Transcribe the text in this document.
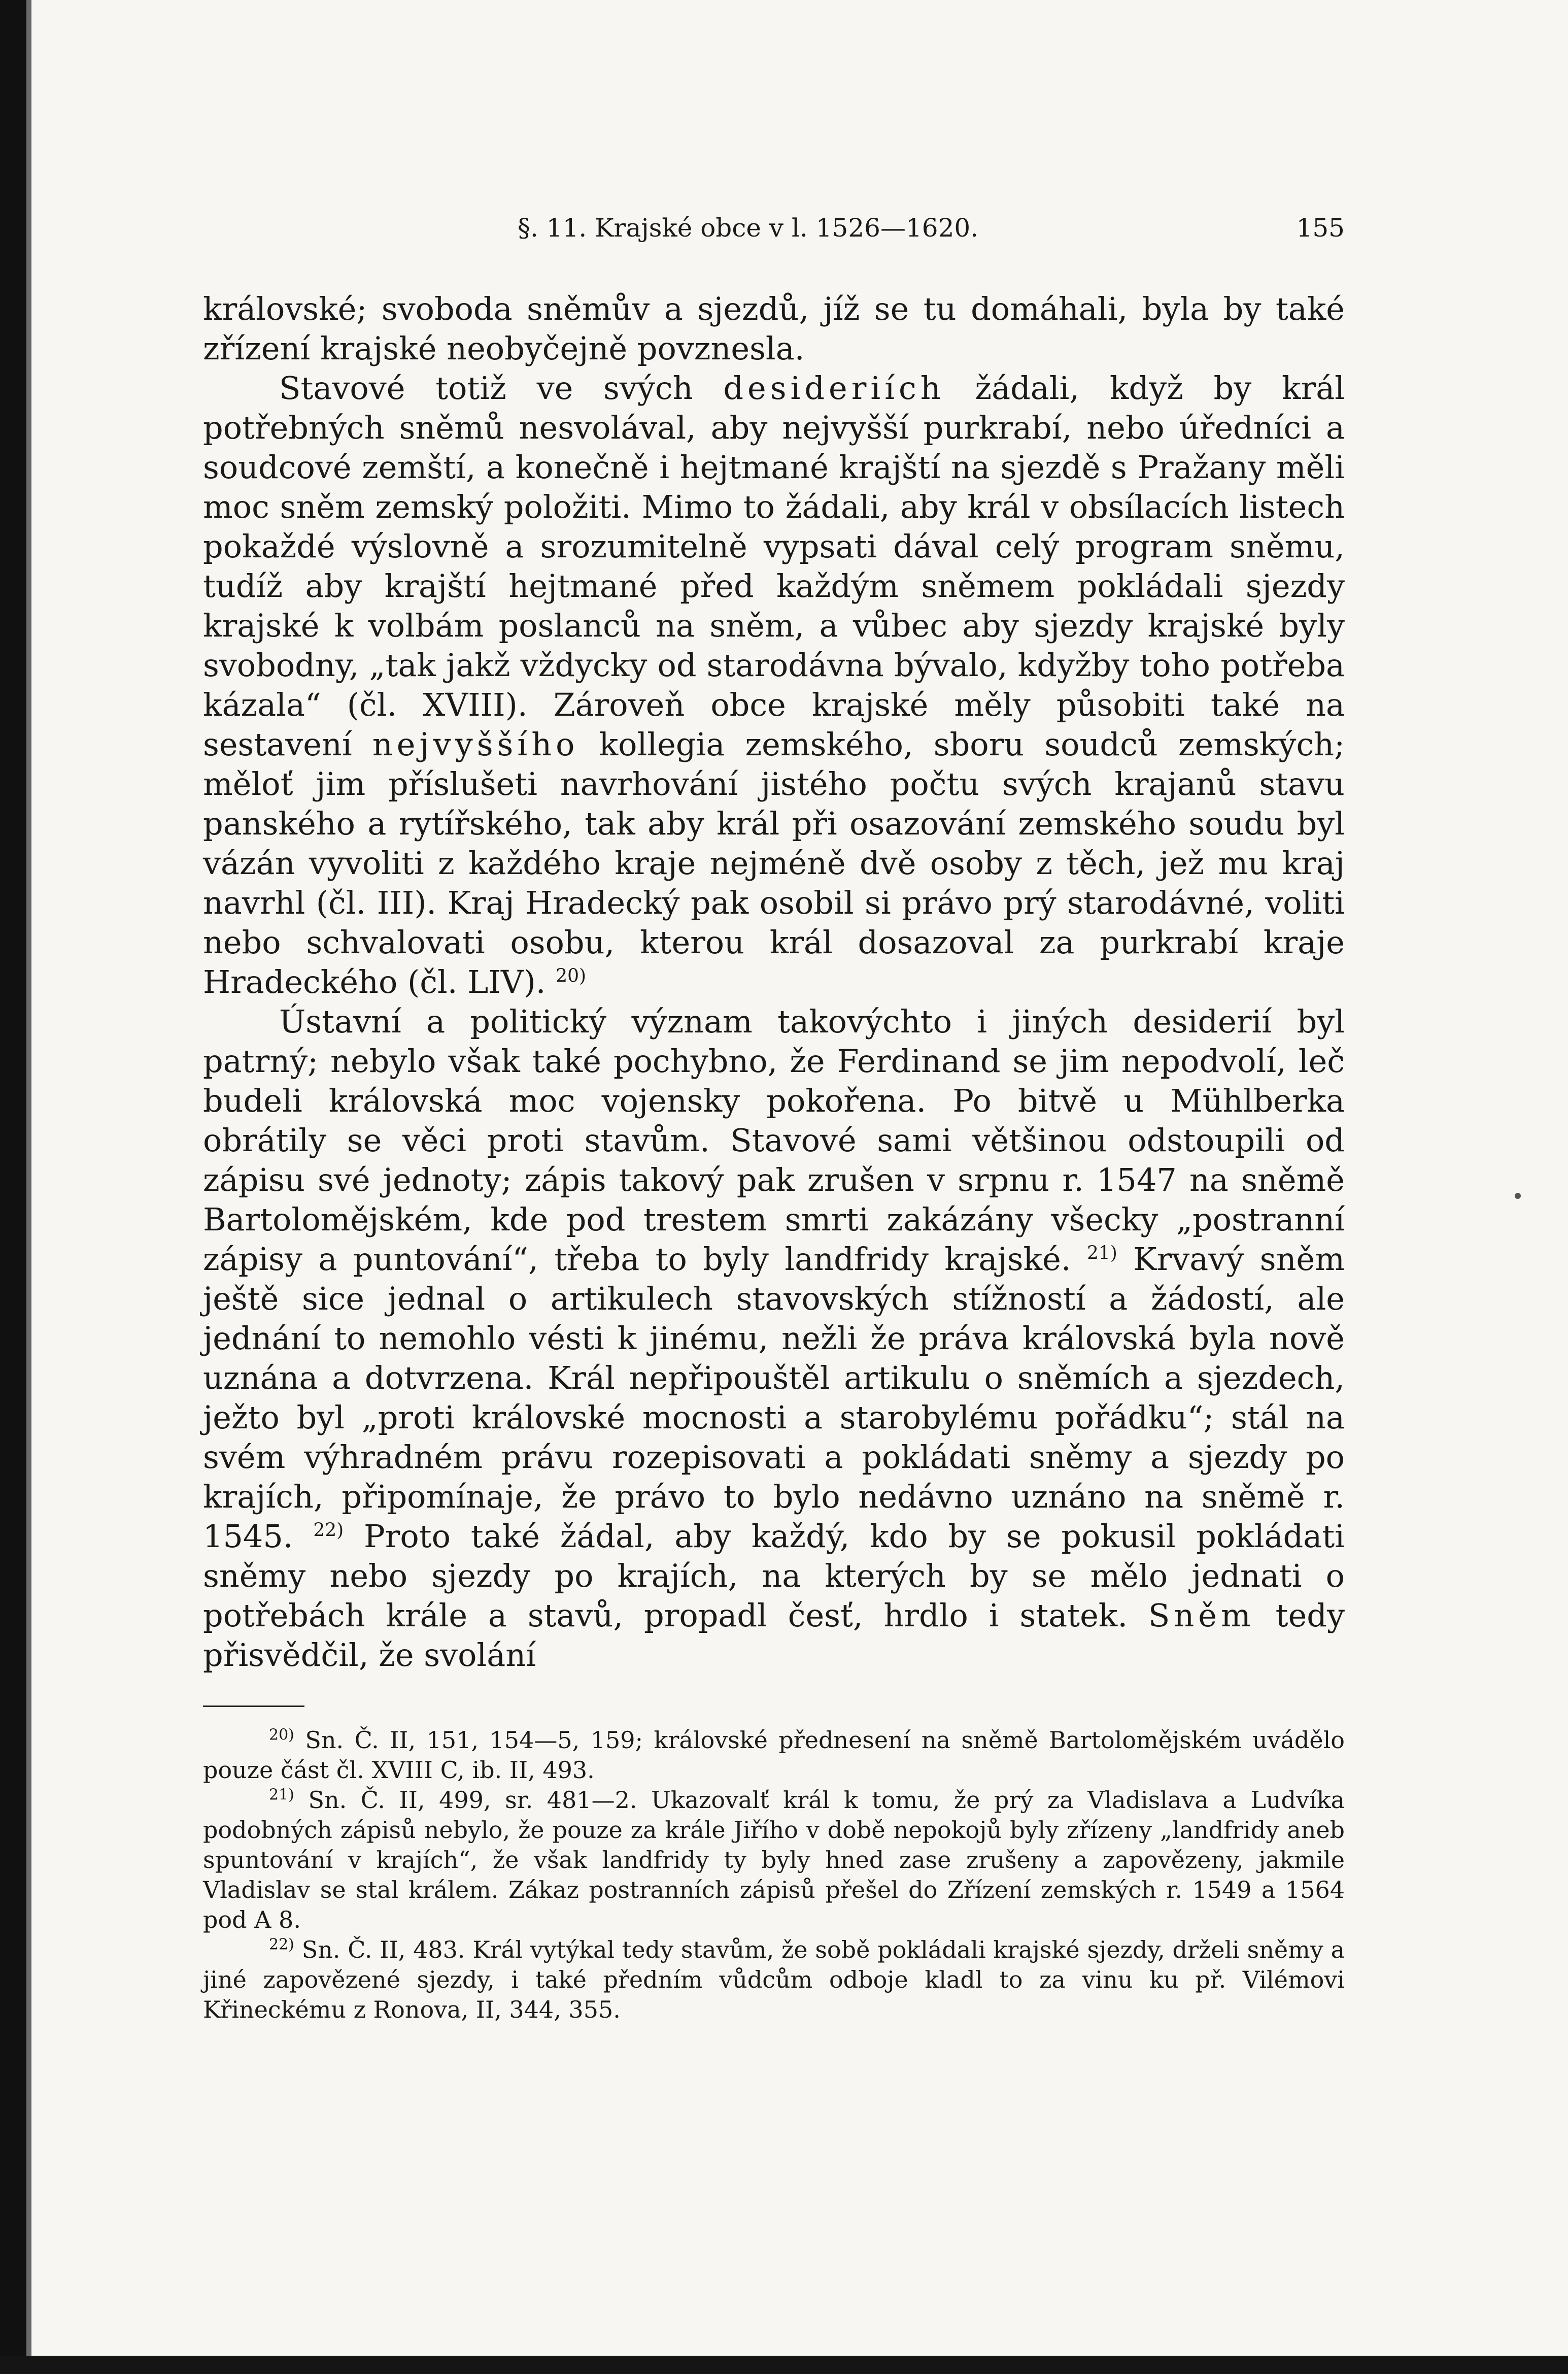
§. 11. Krajské obce v l. 1526—1620.	155

královské; svoboda sněmův a sjezdů, jíž se tu domáhali, byla by také zřízení krajské neobyčejně povznesla.

Stavové totiž ve svých desideriích žádali, když by král potřebných sněmů nesvolával, aby nejvyšší purkrabí, nebo úředníci a soudcové zemští, a konečně i hejtmané krajští na sjezdě s Pražany měli moc sněm zemský položiti. Mimo to žádali, aby král v obsílacích listech pokaždé výslovně a srozumitelně vypsati dával celý program sněmu, tudíž aby krajští hejtmané před každým sněmem pokládali sjezdy krajské k volbám poslanců na sněm, a vůbec aby sjezdy krajské byly svobodny, „tak jakž vždycky od starodávna bývalo, kdyžby toho potřeba kázala“ (čl. XVIII). Zároveň obce krajské měly působiti také na sestavení nejvyššího kollegia zemského, sboru soudců zemských; měloť jim příslušeti navrhování jistého počtu svých krajanů stavu panského a rytířského, tak aby král při osazování zemského soudu byl vázán vyvoliti z každého kraje nejméně dvě osoby z těch, jež mu kraj navrhl (čl. III). Kraj Hradecký pak osobil si právo prý starodávné, voliti nebo schvalovati osobu, kterou král dosazoval za purkrabí kraje Hradeckého (čl. LIV). $^{20)}$

Ústavní a politický význam takovýchto i jiných desiderií byl patrný; nebylo však také pochybno, že Ferdinand se jim nepodvolí, leč budeli královská moc vojensky pokořena. Po bitvě u Mühlberka obrátily se věci proti stavům. Stavové sami většinou odstoupili od zápisu své jednoty; zápis takový pak zrušen v srpnu r. 1547 na sněmě Bartolomějském, kde pod trestem smrti zakázány všecky „postranní zápisy a puntování“, třeba to byly landfridy krajské. $^{21)}$ Krvavý sněm ještě sice jednal o artikulech stavovských stížností a žádostí, ale jednání to nemohlo vésti k jinému, nežli že práva královská byla nově uznána a dotvrzena. Král nepřipouštěl artikulu o sněmích a sjezdech, ježto byl „proti královské mocnosti a starobylému pořádku“; stál na svém výhradném právu rozepisovati a pokládati sněmy a sjezdy po krajích, připomínaje, že právo to bylo nedávno uznáno na sněmě r. 1545. $^{22)}$ Proto také žádal, aby každý, kdo by se pokusil pokládati sněmy nebo sjezdy po krajích, na kterých by se mělo jednati o potřebách krále a stavů, propadl česť, hrdlo i statek. Sněm tedy přisvědčil, že svolání

$^{20)}$ Sn. Č. II, 151, 154—5, 159; královské přednesení na sněmě Bartolomějském uvádělo pouze část čl. XVIII C, ib. II, 493.

$^{21)}$ Sn. Č. II, 499, sr. 481—2. Ukazovalť král k tomu, že prý za Vladislava a Ludvíka podobných zápisů nebylo, že pouze za krále Jiřího v době nepokojů byly zřízeny „landfridy aneb spuntování v krajích“, že však landfridy ty byly hned zase zrušeny a zapovězeny, jakmile Vladislav se stal králem. Zákaz postranních zápisů přešel do Zřízení zemských r. 1549 a 1564 pod A 8.

$^{22)}$ Sn. Č. II, 483. Král vytýkal tedy stavům, že sobě pokládali krajské sjezdy, drželi sněmy a jiné zapovězené sjezdy, i také předním vůdcům odboje kladl to za vinu ku př. Vilémovi Křineckému z Ronova, II, 344, 355.
